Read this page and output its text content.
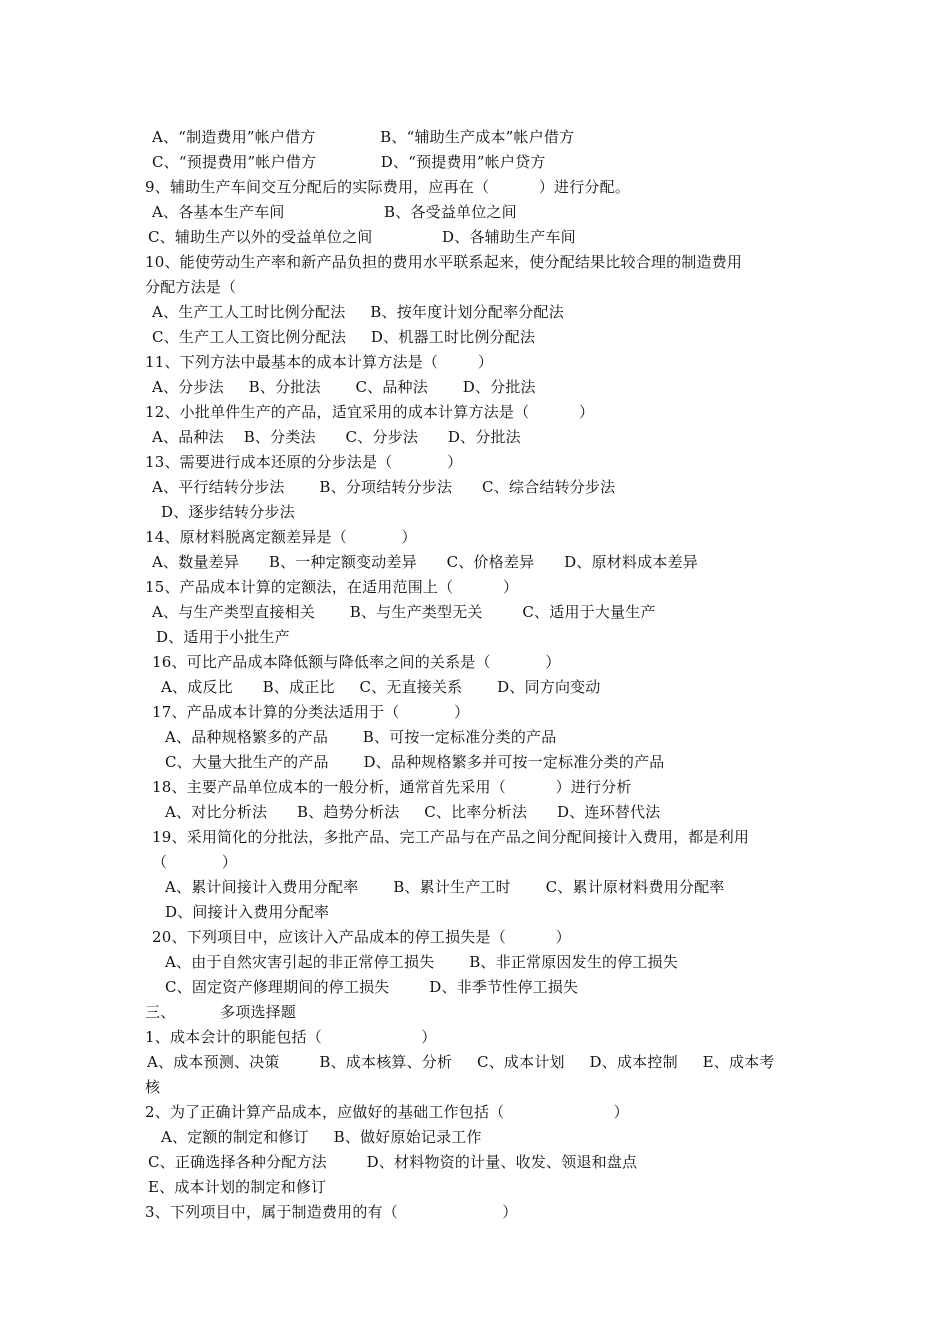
A、“制造费用”帐户借方             B、“辅助生产成本”帐户借方
C、“预提费用”帐户借方             D、“预提费用”帐户贷方
9、辅助生产车间交互分配后的实际费用，应再在（          ）进行分配。
A、各基本生产车间                    B、各受益单位之间
C、辅助生产以外的受益单位之间              D、各辅助生产车间
10、能使劳动生产率和新产品负担的费用水平联系起来，使分配结果比较合理的制造费用
分配方法是（
A、生产工人工时比例分配法     B、按年度计划分配率分配法
C、生产工人工资比例分配法     D、机器工时比例分配法
11、下列方法中最基本的成本计算方法是（        ）
A、分步法     B、分批法       C、品种法       D、分批法
12、小批单件生产的产品，适宜采用的成本计算方法是（          ）
A、品种法    B、分类法      C、分步法      D、分批法
13、需要进行成本还原的分步法是（           ）
A、平行结转分步法       B、分项结转分步法      C、综合结转分步法
D、逐步结转分步法
14、原材料脱离定额差异是（           ）
A、数量差异      B、一种定额变动差异      C、价格差异      D、原材料成本差异
15、产品成本计算的定额法，在适用范围上（          ）
A、与生产类型直接相关       B、与生产类型无关        C、适用于大量生产
D、适用于小批生产
16、可比产品成本降低额与降低率之间的关系是（           ）
A、成反比      B、成正比     C、无直接关系       D、同方向变动
17、产品成本计算的分类法适用于（           ）
A、品种规格繁多的产品       B、可按一定标准分类的产品
C、大量大批生产的产品       D、品种规格繁多并可按一定标准分类的产品
18、主要产品单位成本的一般分析，通常首先采用（          ）进行分析
A、对比分析法      B、趋势分析法     C、比率分析法      D、连环替代法
19、采用简化的分批法，多批产品、完工产品与在产品之间分配间接计入费用，都是利用
（           ）
A、累计间接计入费用分配率       B、累计生产工时       C、累计原材料费用分配率
D、间接计入费用分配率
20、下列项目中，应该计入产品成本的停工损失是（          ）
A、由于自然灾害引起的非正常停工损失       B、非正常原因发生的停工损失
C、固定资产修理期间的停工损失        D、非季节性停工损失
三、         多项选择题
1、成本会计的职能包括（                    ）
A、成本预测、决策        B、成本核算、分析     C、成本计划     D、成本控制     E、成本考
核
2、为了正确计算产品成本，应做好的基础工作包括（                      ）
A、定额的制定和修订     B、做好原始记录工作
C、正确选择各种分配方法        D、材料物资的计量、收发、领退和盘点
E、成本计划的制定和修订
3、下列项目中，属于制造费用的有（                     ）
